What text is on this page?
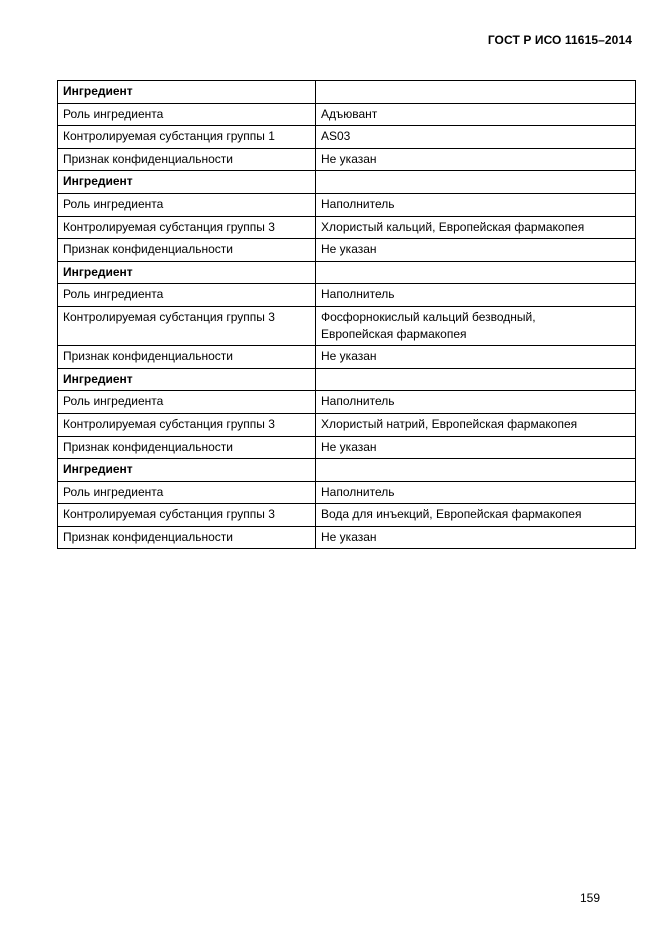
ГОСТ Р ИСО 11615–2014
Ингредиент	
Роль ингредиента	Адъювант
Контролируемая субстанция группы 1	AS03
Признак конфиденциальности	Не указан
Ингредиент	
Роль ингредиента	Наполнитель
Контролируемая субстанция группы 3	Хлористый кальций, Европейская фармакопея
Признак конфиденциальности	Не указан
Ингредиент	
Роль ингредиента	Наполнитель
Контролируемая субстанция группы 3	Фосфорнокислый кальций безводный,
Европейская фармакопея
Признак конфиденциальности	Не указан
Ингредиент	
Роль ингредиента	Наполнитель
Контролируемая субстанция группы 3	Хлористый натрий, Европейская фармакопея
Признак конфиденциальности	Не указан
Ингредиент	
Роль ингредиента	Наполнитель
Контролируемая субстанция группы 3	Вода для инъекций, Европейская фармакопея
Признак конфиденциальности	Не указан
159
